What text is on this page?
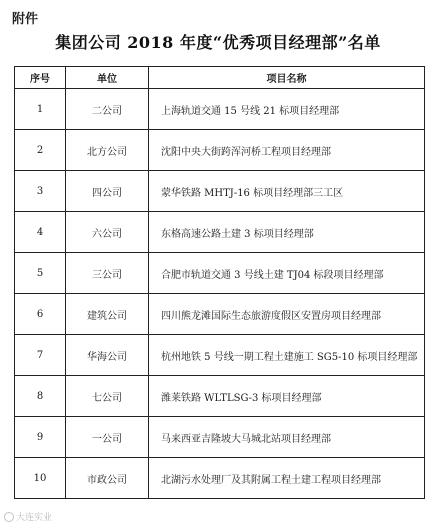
附件
集团公司 2018 年度“优秀项目经理部”名单
序号	单位	项目名称
1	二公司	上海轨道交通 15 号线 21 标项目经理部
2	北方公司	沈阳中央大街跨浑河桥工程项目经理部
3	四公司	蒙华铁路 MHTJ-16 标项目经理部三工区
4	六公司	东格高速公路土建 3 标项目经理部
5	三公司	合肥市轨道交通 3 号线土建 TJ04 标段项目经理部
6	建筑公司	四川熊龙滩国际生态旅游度假区安置房项目经理部
7	华海公司	杭州地铁 5 号线一期工程土建施工 SG5-10 标项目经理部
8	七公司	潍莱铁路 WLTLSG-3 标项目经理部
9	一公司	马来西亚吉隆坡大马城北站项目经理部
10	市政公司	北湖污水处理厂及其附属工程土建工程项目经理部
大连实业
